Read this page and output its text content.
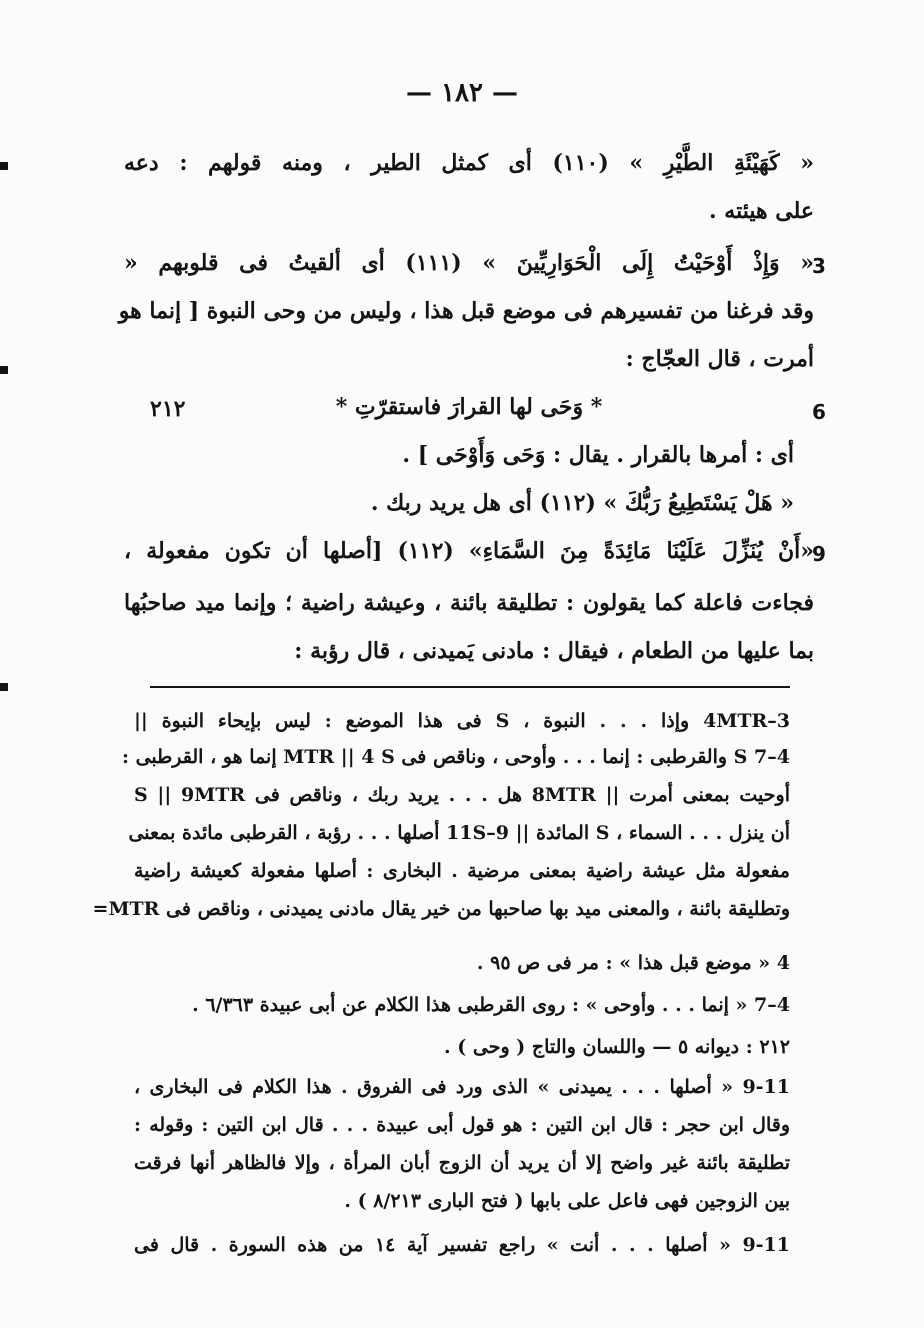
— ١٨٢ —
« كَهَيْئَةِ الطَّيْرِ » (١١٠) أى كمثل الطير ، ومنه قولهم : دعه
على هيئته .
« وَإِذْ أَوْحَيْتُ إِلَى الْحَوَارِيِّينَ » (١١١) أى ألقيتُ فى قلوبهم «
وقد فرغنا من تفسيرهم فى موضع قبل هذا ، وليس من وحى النبوة [ إنما هو
أمرت ، قال العجّاج :
* وَحَى لها القرارَ فاستقرّتِ *
أى : أمرها بالقرار . يقال : وَحَى وَأَوْحَى ] .
« هَلْ يَسْتَطِيعُ رَبُّكَ » (١١٢) أى هل يريد ربك .
«أَنْ يُنَزِّلَ عَلَيْنَا مَائِدَةً مِنَ السَّمَاءِ» (١١٢) [أصلها أن تكون مفعولة ،
فجاءت فاعلة كما يقولون : تطليقة بائنة ، وعيشة راضية ؛ وإنما ميد صاحبُها
بما عليها من الطعام ، فيقال : مادنى يَميدنى ، قال رؤبة :
3
6
9
٢١٢
3–4MTR وإذا . . . النبوة ، S فى هذا الموضع : ليس بإيحاء النبوة ||
4–7 S والقرطبى : إنما . . . وأوحى ، وناقص فى MTR || 4 S إنما هو ، القرطبى :
أوحيت بمعنى أمرت || 8MTR هل . . . يريد ربك ، وناقص فى S || 9MTR
أن ينزل . . . السماء ، S المائدة || 9–11S أصلها . . . رؤبة ، القرطبى مائدة بمعنى
مفعولة مثل عيشة راضية بمعنى مرضية . البخارى : أصلها مفعولة كعيشة راضية
وتطليقة بائنة ، والمعنى ميد بها صاحبها من خير يقال مادنى يميدنى ، وناقص فى MTR=
4 « موضع قبل هذا » : مر فى ص ٩٥ .
4–7 « إنما . . . وأوحى » : روى القرطبى هذا الكلام عن أبى عبيدة ٦/٣٦٣ .
٢١٢ : ديوانه ٥ — واللسان والتاج ( وحى ) .
9-11 « أصلها . . . يميدنى » الذى ورد فى الفروق . هذا الكلام فى البخارى ،
وقال ابن حجر : قال ابن التين : هو قول أبى عبيدة . . . قال ابن التين : وقوله :
تطليقة بائنة غير واضح إلا أن يريد أن الزوج أبان المرأة ، وإلا فالظاهر أنها فرقت
بين الزوجين فهى فاعل على بابها ( فتح البارى ٨/٢١٣ ) .
9-11 « أصلها . . . أنت » راجع تفسير آية ١٤ من هذه السورة . قال فى
